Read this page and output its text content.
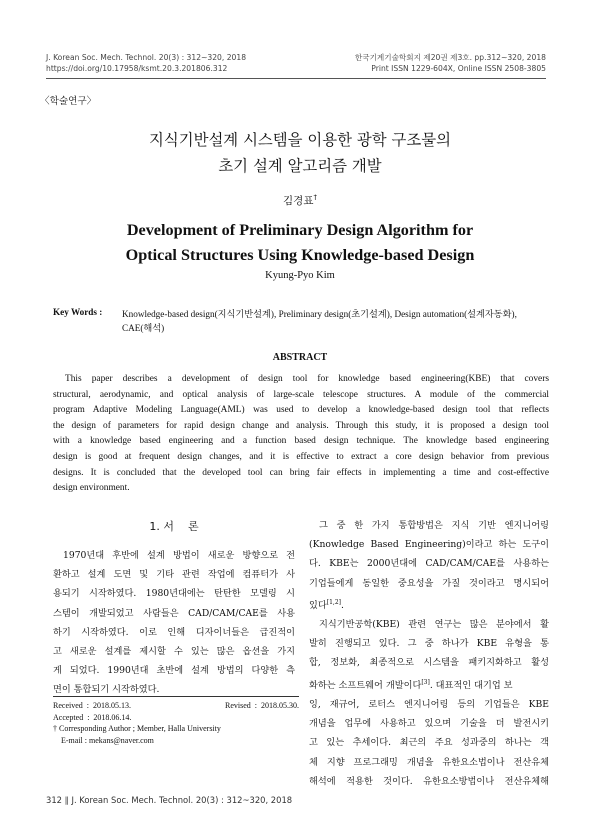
J. Korean Soc. Mech. Technol. 20(3) : 312~320, 2018
https://doi.org/10.17958/ksmt.20.3.201806.312
한국기계기술학회지 제20권 제3호. pp.312~320, 2018
Print ISSN 1229-604X, Online ISSN 2508-3805
〈학술연구〉
지식기반설계 시스템을 이용한 광학 구조물의
초기 설계 알고리즘 개발
김경표†
Development of Preliminary Design Algorithm for
Optical Structures Using Knowledge-based Design
Kyung-Pyo Kim
Key Words : Knowledge-based design(지식기반설계), Preliminary design(초기설계), Design automation(설계자동화),
CAE(해석)
ABSTRACT
This paper describes a development of design tool for knowledge based engineering(KBE) that covers
structural, aerodynamic, and optical analysis of large-scale telescope structures. A module of the commercial
program Adaptive Modeling Language(AML) was used to develop a knowledge-based design tool that reflects
the design of parameters for rapid design change and analysis. Through this study, it is proposed a design tool
with a knowledge based engineering and a function based design technique. The knowledge based engineering
design is good at frequent design changes, and it is effective to extract a core design behavior from previous
designs. It is concluded that the developed tool can bring fair effects in implementing a time and cost-effective
design environment.
1. 서    론
1970년대 후반에 설계 방법이 새로운 방향으로 전
환하고 설계 도면 및 기타 관련 작업에 컴퓨터가 사
용되기 시작하였다. 1980년대에는 탄탄한 모델링 시
스템이 개발되었고 사람들은 CAD/CAM/CAE를 사용
하기 시작하였다. 이로 인해 디자이너들은 급진적이
고 새로운 설계를 제시할 수 있는 많은 옵션을 가지
게 되었다. 1990년대 초반에 설계 방법의 다양한 측
면이 통합되기 시작하였다.
Received  :  2018.05.13.	Revised  :  2018.05.30.
Accepted  :  2018.06.14.
† Corresponding Author ; Member, Halla University
E-mail : mekans@naver.com
그 중 한 가지 통합방법은 지식 기반 엔지니어링
(Knowledge Based Engineering)이라고 하는 도구이
다. KBE는 2000년대에 CAD/CAM/CAE를 사용하는
기업들에게 동일한 중요성을 가질 것이라고 명시되어
있다[1,2].
지식기반공학(KBE) 관련 연구는 많은 분야에서 활
발히 진행되고 있다. 그 중 하나가 KBE 유형을 통
합, 정보화, 최종적으로 시스템을 패키지화하고 활성
화하는 소프트웨어 개발이다[3]. 대표적인 대기업 보
잉, 재규어, 로터스 엔지니어링 등의 기업들은 KBE
개념을 업무에 사용하고 있으며 기술을 더 발전시키
고 있는 추세이다. 최근의 주요 성과중의 하나는 객
체 지향 프로그래밍 개념을 유한요소법이나 전산유체
해석에 적용한 것이다. 유한요소방법이나 전산유체해
312 ∥ J. Korean Soc. Mech. Technol. 20(3) : 312~320, 2018
